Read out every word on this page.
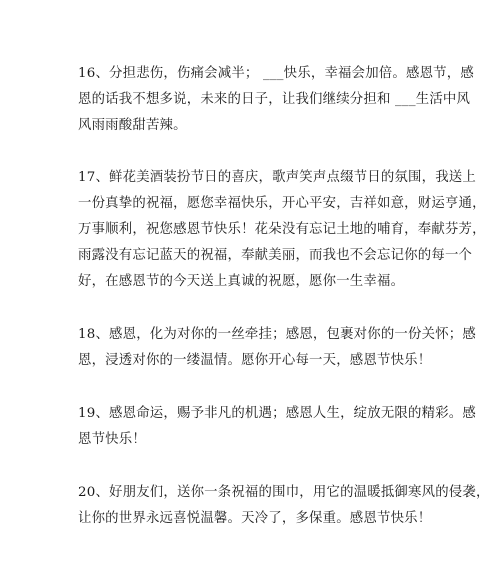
16、分担悲伤，伤痛会减半； ___快乐，幸福会加倍。感恩节，感
恩的话我不想多说，未来的日子，让我们继续分担和 ___生活中风
风雨雨酸甜苦辣。

17、鲜花美酒装扮节日的喜庆，歌声笑声点缀节日的氛围，我送上
一份真挚的祝福，愿您幸福快乐，开心平安，吉祥如意，财运亨通，
万事顺利，祝您感恩节快乐！花朵没有忘记土地的哺育，奉献芬芳，
雨露没有忘记蓝天的祝福，奉献美丽，而我也不会忘记你的每一个
好，在感恩节的今天送上真诚的祝愿，愿你一生幸福。

18、感恩，化为对你的一丝牵挂；感恩，包裹对你的一份关怀；感
恩，浸透对你的一缕温情。愿你开心每一天，感恩节快乐！

19、感恩命运，赐予非凡的机遇；感恩人生，绽放无限的精彩。感
恩节快乐！

20、好朋友们，送你一条祝福的围巾，用它的温暖抵御寒风的侵袭，
让你的世界永远喜悦温馨。天冷了，多保重。感恩节快乐！
